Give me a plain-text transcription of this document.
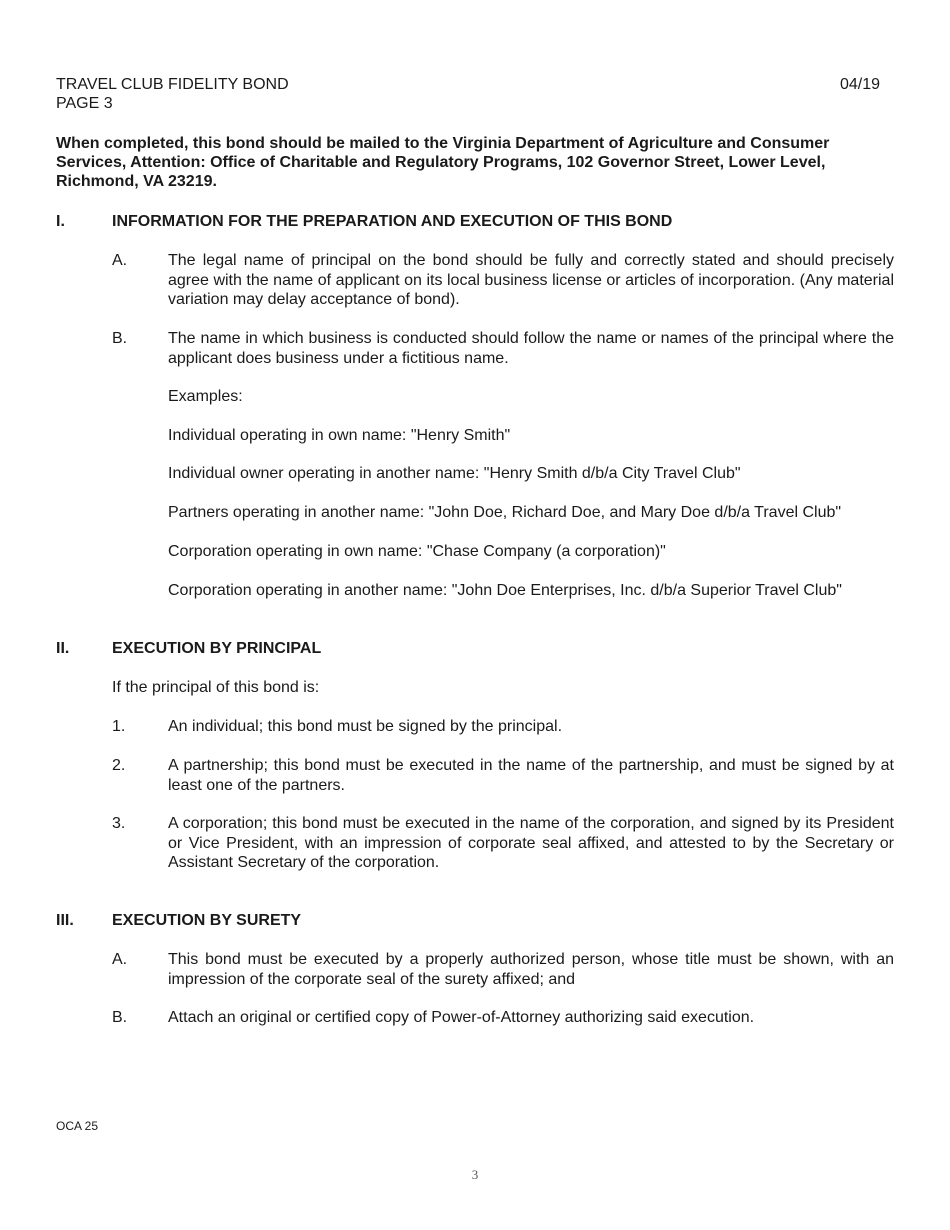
TRAVEL CLUB FIDELITY BOND
PAGE 3
04/19

When completed, this bond should be mailed to the Virginia Department of Agriculture and Consumer Services, Attention: Office of Charitable and Regulatory Programs, 102 Governor Street, Lower Level, Richmond, VA 23219.

I.	INFORMATION FOR THE PREPARATION AND EXECUTION OF THIS BOND
A.	The legal name of principal on the bond should be fully and correctly stated and should precisely agree with the name of applicant on its local business license or articles of incorporation. (Any material variation may delay acceptance of bond).

B.	The name in which business is conducted should follow the name or names of the principal where the applicant does business under a fictitious name.

Examples:
Individual operating in own name: "Henry Smith"
Individual owner operating in another name: "Henry Smith d/b/a City Travel Club"
Partners operating in another name: "John Doe, Richard Doe, and Mary Doe d/b/a Travel Club"
Corporation operating in own name: "Chase Company (a corporation)"
Corporation operating in another name: "John Doe Enterprises, Inc. d/b/a Superior Travel Club"
II.	EXECUTION BY PRINCIPAL
If the principal of this bond is:
1.	An individual; this bond must be signed by the principal.

2.	A partnership; this bond must be executed in the name of the partnership, and must be signed by at least one of the partners.

3.	A corporation; this bond must be executed in the name of the corporation, and signed by its President or Vice President, with an impression of corporate seal affixed, and attested to by the Secretary or Assistant Secretary of the corporation.

III. EXECUTION BY SURETY
A.	This bond must be executed by a properly authorized person, whose title must be shown, with an impression of the corporate seal of the surety affixed; and

B.	Attach an original or certified copy of Power-of-Attorney authorizing said execution.

OCA 25
3
